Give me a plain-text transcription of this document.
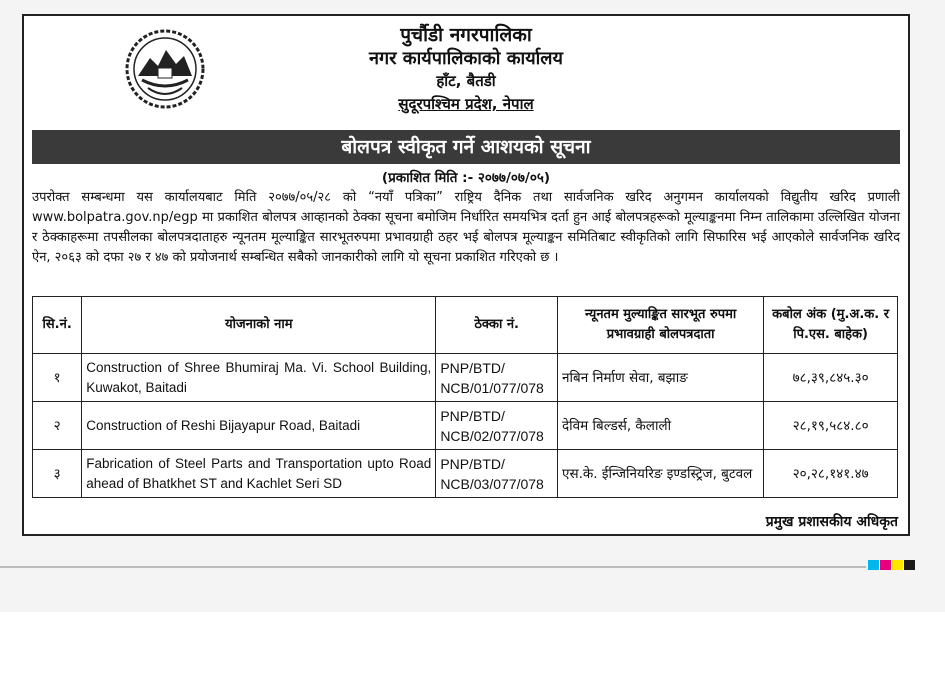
पुर्चौडी नगरपालिका
नगर कार्यपालिकाको कार्यालय
हाँट, बैतडी
सुदूरपश्चिम प्रदेश, नेपाल
बोलपत्र स्वीकृत गर्ने आशयको सूचना
(प्रकाशित मिति :- २०७७/०७/०५)
उपरोक्त सम्बन्धमा यस कार्यालयबाट मिति २०७७/०५/२८ को “नयाँ पत्रिका” राष्ट्रिय दैनिक तथा सार्वजनिक खरिद अनुगमन कार्यालयको विद्युतीय खरिद प्रणाली www.bolpatra.gov.np/egp मा प्रकाशित बोलपत्र आव्हानको ठेक्का सूचना बमोजिम निर्धारित समयभित्र दर्ता हुन आई बोलपत्रहरूको मूल्याङ्कनमा निम्न तालिकामा उल्लिखित योजना र ठेक्काहरूमा तपसीलका बोलपत्रदाताहरु न्यूनतम मूल्याङ्कित सारभूतरुपमा प्रभावग्राही ठहर भई बोलपत्र मूल्याङ्कन समितिबाट स्वीकृतिको लागि सिफारिस भई आएकोले सार्वजनिक खरिद ऐन, २०६३ को दफा २७ र ४७ को प्रयोजनार्थ सम्बन्धित सबैको जानकारीको लागि यो सूचना प्रकाशित गरिएको छ ।
सि.नं.	योजनाको नाम	ठेक्का नं.	न्यूनतम मुल्याङ्कित सारभूत रुपमा प्रभावग्राही बोलपत्रदाता	कबोल अंक (मु.अ.क. र पि.एस. बाहेक)
१	Construction of Shree Bhumiraj Ma. Vi. School Building, Kuwakot, Baitadi	PNP/BTD/ NCB/01/077/078	नबिन निर्माण सेवा, बझाङ	७८,३९,८४५.३०
२	Construction of Reshi Bijayapur Road, Baitadi	PNP/BTD/ NCB/02/077/078	देविम बिल्डर्स, कैलाली	२८,१९,५८४.८०
३	Fabrication of Steel Parts and Transportation upto Road ahead of Bhatkhet ST and Kachlet Seri SD	PNP/BTD/ NCB/03/077/078	एस.के. ईन्जिनियरिङ इण्डस्ट्रिज, बुटवल	२०,२८,१४१.४७
प्रमुख प्रशासकीय अधिकृत
